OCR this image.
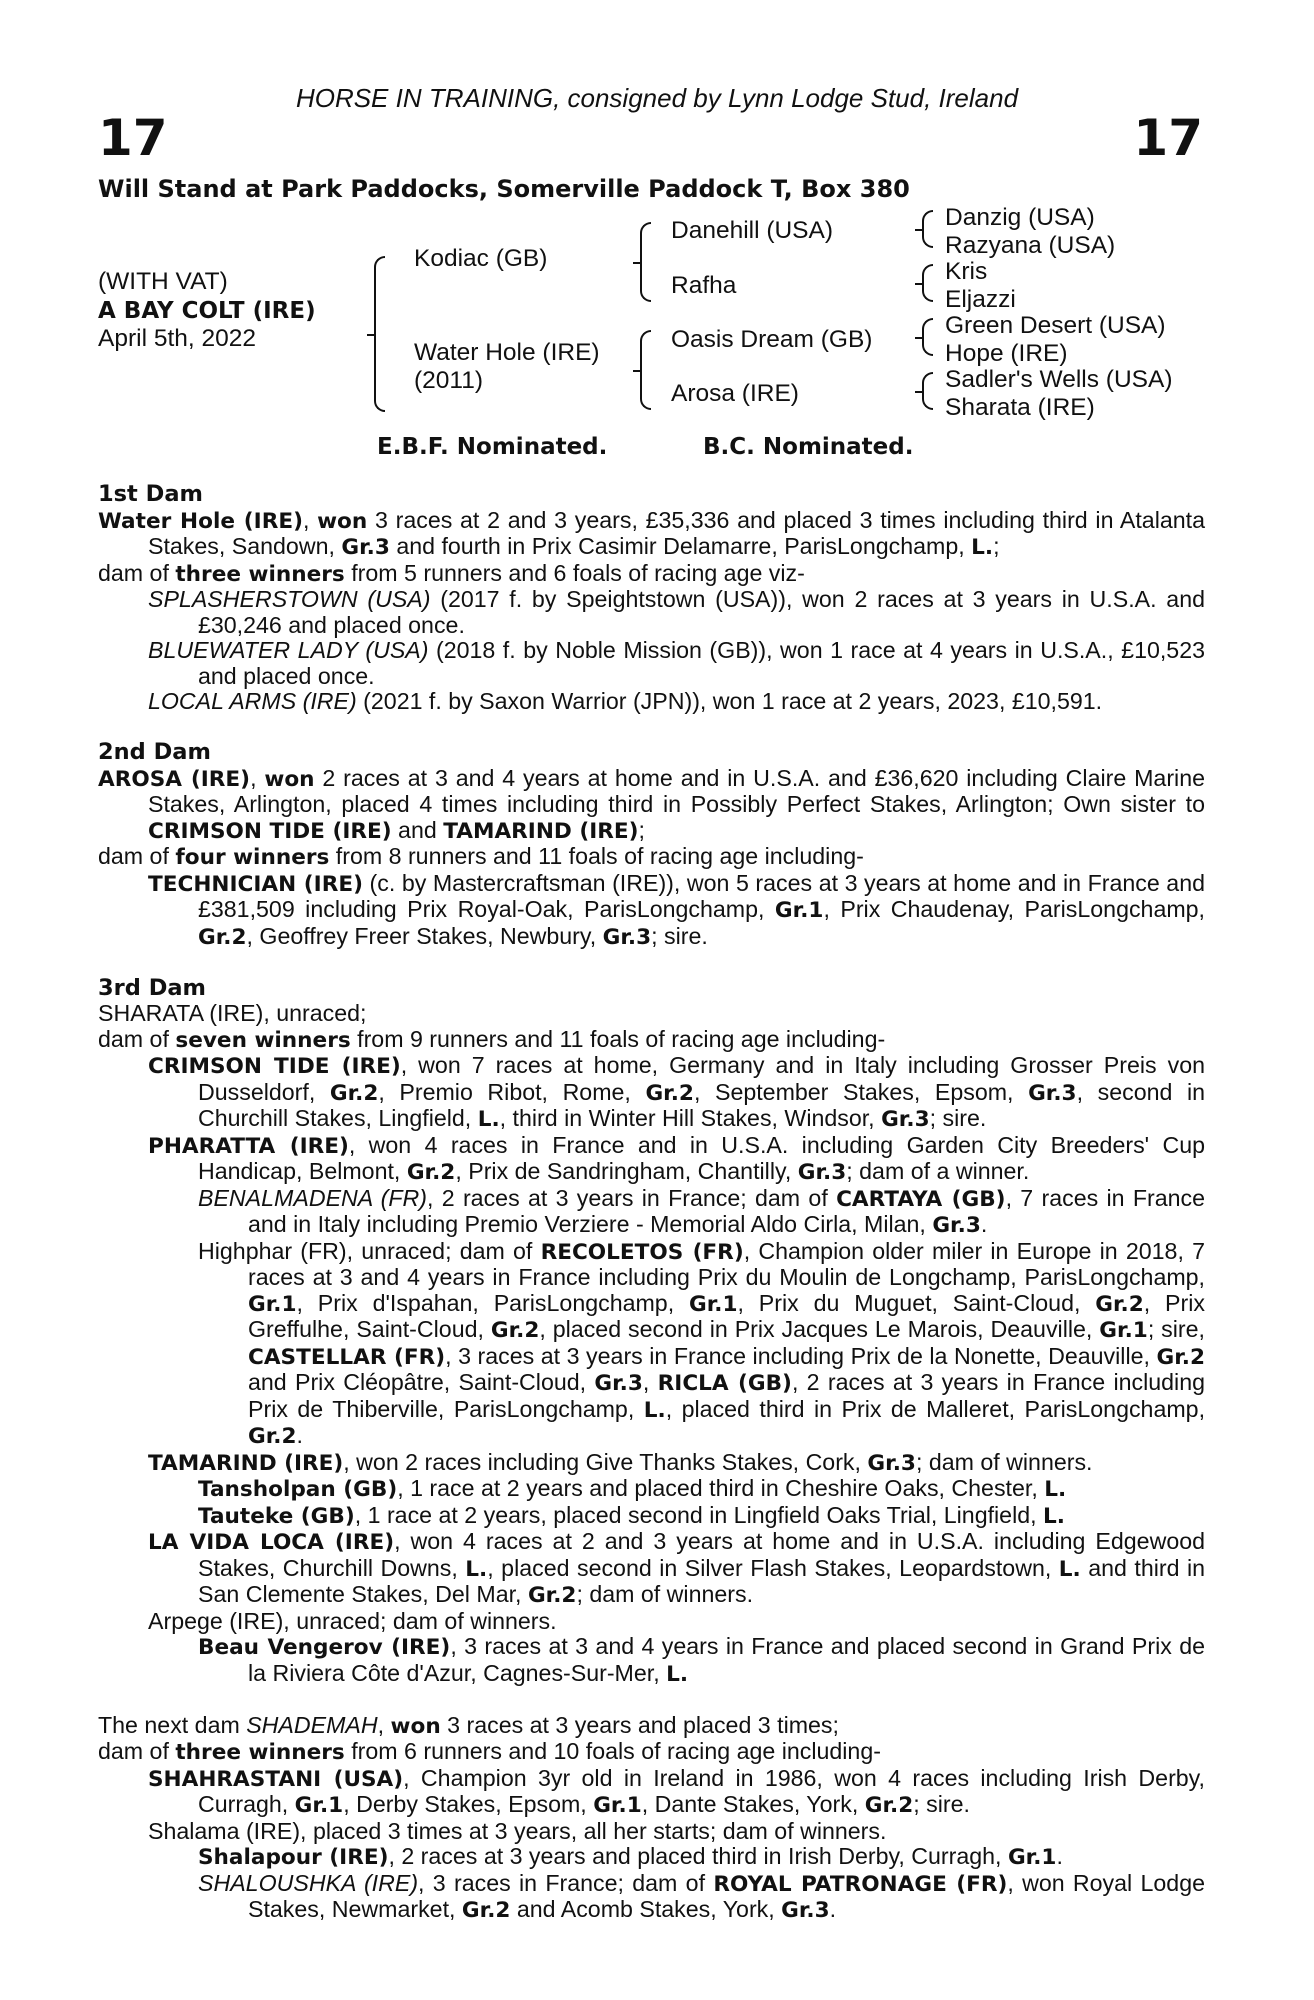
HORSE IN TRAINING, consigned by Lynn Lodge Stud, Ireland
17	17
Will Stand at Park Paddocks, Somerville Paddock T, Box 380
(WITH VAT)
A BAY COLT (IRE)
April 5th, 2022
Kodiac (GB)
Water Hole (IRE)
(2011)
Danehill (USA)
Rafha
Oasis Dream (GB)
Arosa (IRE)
Danzig (USA)
Razyana (USA)
Kris
Eljazzi
Green Desert (USA)
Hope (IRE)
Sadler's Wells (USA)
Sharata (IRE)
E.B.F. Nominated.	B.C. Nominated.
1st Dam

Water Hole (IRE), won 3 races at 2 and 3 years, £35,336 and placed 3 times including third in Atalanta Stakes, Sandown, Gr.3 and fourth in Prix Casimir Delamarre, ParisLongchamp, L.;

dam of three winners from 5 runners and 6 foals of racing age viz-

SPLASHERSTOWN (USA) (2017 f. by Speightstown (USA)), won 2 races at 3 years in U.S.A. and £30,246 and placed once.

BLUEWATER LADY (USA) (2018 f. by Noble Mission (GB)), won 1 race at 4 years in U.S.A., £10,523 and placed once.

LOCAL ARMS (IRE) (2021 f. by Saxon Warrior (JPN)), won 1 race at 2 years, 2023, £10,591.

2nd Dam

AROSA (IRE), won 2 races at 3 and 4 years at home and in U.S.A. and £36,620 including Claire Marine Stakes, Arlington, placed 4 times including third in Possibly Perfect Stakes, Arlington; Own sister to CRIMSON TIDE (IRE) and TAMARIND (IRE);

dam of four winners from 8 runners and 11 foals of racing age including-

TECHNICIAN (IRE) (c. by Mastercraftsman (IRE)), won 5 races at 3 years at home and in France and £381,509 including Prix Royal-Oak, ParisLongchamp, Gr.1, Prix Chaudenay, ParisLongchamp, Gr.2, Geoffrey Freer Stakes, Newbury, Gr.3; sire.

3rd Dam

SHARATA (IRE), unraced;

dam of seven winners from 9 runners and 11 foals of racing age including-

CRIMSON TIDE (IRE), won 7 races at home, Germany and in Italy including Grosser Preis von Dusseldorf, Gr.2, Premio Ribot, Rome, Gr.2, September Stakes, Epsom, Gr.3, second in Churchill Stakes, Lingfield, L., third in Winter Hill Stakes, Windsor, Gr.3; sire.

PHARATTA (IRE), won 4 races in France and in U.S.A. including Garden City Breeders' Cup Handicap, Belmont, Gr.2, Prix de Sandringham, Chantilly, Gr.3; dam of a winner.

BENALMADENA (FR), 2 races at 3 years in France; dam of CARTAYA (GB), 7 races in France and in Italy including Premio Verziere - Memorial Aldo Cirla, Milan, Gr.3.

Highphar (FR), unraced; dam of RECOLETOS (FR), Champion older miler in Europe in 2018, 7 races at 3 and 4 years in France including Prix du Moulin de Longchamp, ParisLongchamp, Gr.1, Prix d'Ispahan, ParisLongchamp, Gr.1, Prix du Muguet, Saint-Cloud, Gr.2, Prix Greffulhe, Saint-Cloud, Gr.2, placed second in Prix Jacques Le Marois, Deauville, Gr.1; sire, CASTELLAR (FR), 3 races at 3 years in France including Prix de la Nonette, Deauville, Gr.2 and Prix Cléopâtre, Saint-Cloud, Gr.3, RICLA (GB), 2 races at 3 years in France including Prix de Thiberville, ParisLongchamp, L., placed third in Prix de Malleret, ParisLongchamp, Gr.2.

TAMARIND (IRE), won 2 races including Give Thanks Stakes, Cork, Gr.3; dam of winners.

Tansholpan (GB), 1 race at 2 years and placed third in Cheshire Oaks, Chester, L.

Tauteke (GB), 1 race at 2 years, placed second in Lingfield Oaks Trial, Lingfield, L.

LA VIDA LOCA (IRE), won 4 races at 2 and 3 years at home and in U.S.A. including Edgewood Stakes, Churchill Downs, L., placed second in Silver Flash Stakes, Leopardstown, L. and third in San Clemente Stakes, Del Mar, Gr.2; dam of winners.

Arpege (IRE), unraced; dam of winners.

Beau Vengerov (IRE), 3 races at 3 and 4 years in France and placed second in Grand Prix de la Riviera Côte d'Azur, Cagnes-Sur-Mer, L.

The next dam SHADEMAH, won 3 races at 3 years and placed 3 times;

dam of three winners from 6 runners and 10 foals of racing age including-

SHAHRASTANI (USA), Champion 3yr old in Ireland in 1986, won 4 races including Irish Derby, Curragh, Gr.1, Derby Stakes, Epsom, Gr.1, Dante Stakes, York, Gr.2; sire.

Shalama (IRE), placed 3 times at 3 years, all her starts; dam of winners.

Shalapour (IRE), 2 races at 3 years and placed third in Irish Derby, Curragh, Gr.1.

SHALOUSHKA (IRE), 3 races in France; dam of ROYAL PATRONAGE (FR), won Royal Lodge Stakes, Newmarket, Gr.2 and Acomb Stakes, York, Gr.3.
